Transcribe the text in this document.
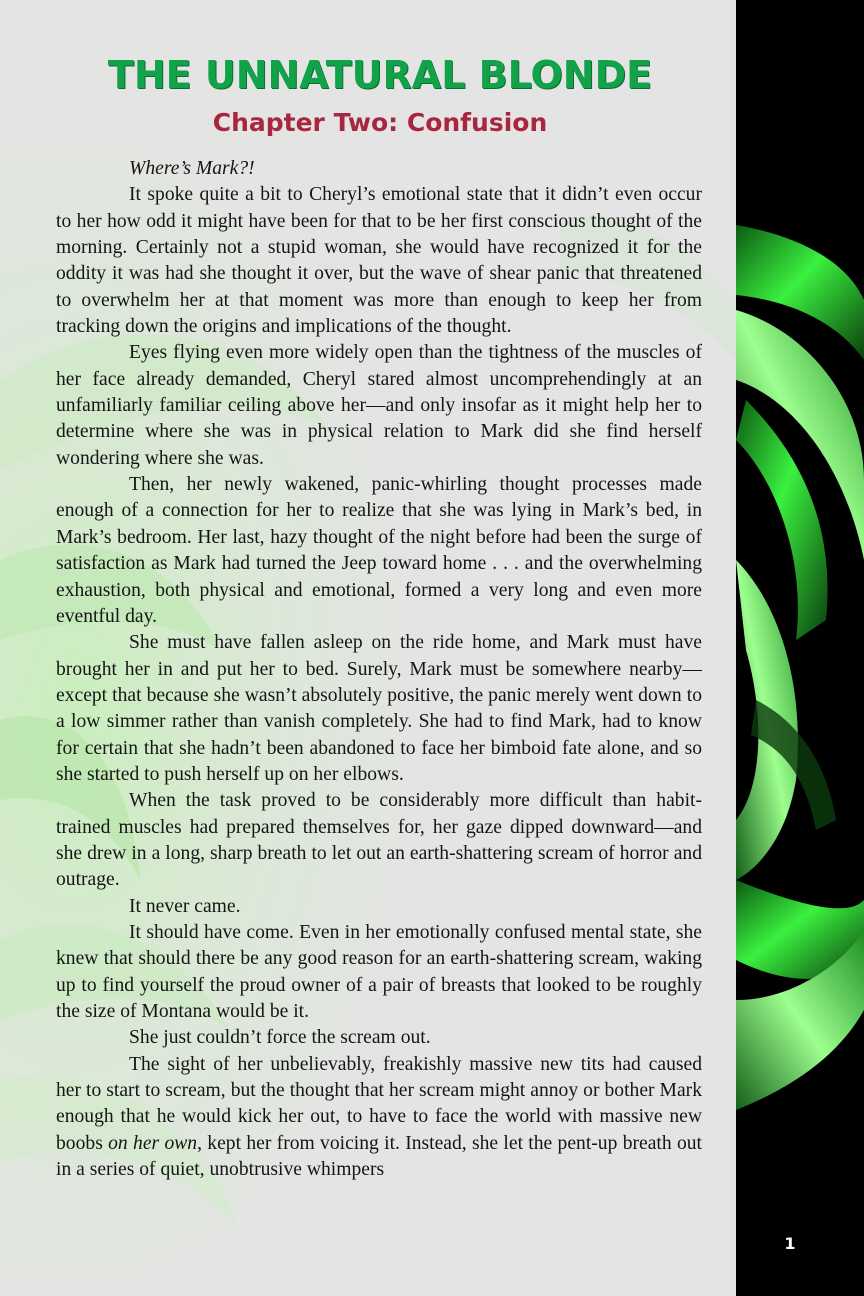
THE UNNATURAL BLONDE
Chapter Two: Confusion

Where’s Mark?!

It spoke quite a bit to Cheryl’s emotional state that it didn’t even occur to her how odd it might have been for that to be her first conscious thought of the morning. Certainly not a stupid woman, she would have recognized it for the oddity it was had she thought it over, but the wave of shear panic that threatened to overwhelm her at that moment was more than enough to keep her from tracking down the origins and implications of the thought.

Eyes flying even more widely open than the tightness of the muscles of her face already demanded, Cheryl stared almost uncomprehendingly at an unfamiliarly familiar ceiling above her—and only insofar as it might help her to determine where she was in physical relation to Mark did she find herself wondering where she was.

Then, her newly wakened, panic-whirling thought processes made enough of a connection for her to realize that she was lying in Mark’s bed, in Mark’s bedroom. Her last, hazy thought of the night before had been the surge of satisfaction as Mark had turned the Jeep toward home . . . and the overwhelming exhaustion, both physical and emotional, formed a very long and even more eventful day.

She must have fallen asleep on the ride home, and Mark must have brought her in and put her to bed. Surely, Mark must be somewhere nearby—except that because she wasn’t absolutely positive, the panic merely went down to a low simmer rather than vanish completely. She had to find Mark, had to know for certain that she hadn’t been abandoned to face her bimboid fate alone, and so she started to push herself up on her elbows.

When the task proved to be considerably more difficult than habit-trained muscles had prepared themselves for, her gaze dipped downward—and she drew in a long, sharp breath to let out an earth-shattering scream of horror and outrage.

It never came.

It should have come. Even in her emotionally confused mental state, she knew that should there be any good reason for an earth-shattering scream, waking up to find yourself the proud owner of a pair of breasts that looked to be roughly the size of Montana would be it.

She just couldn’t force the scream out.

The sight of her unbelievably, freakishly massive new tits had caused her to start to scream, but the thought that her scream might annoy or bother Mark enough that he would kick her out, to have to face the world with massive new boobs on her own, kept her from voicing it. Instead, she let the pent-up breath out in a series of quiet, unobtrusive whimpers

1
